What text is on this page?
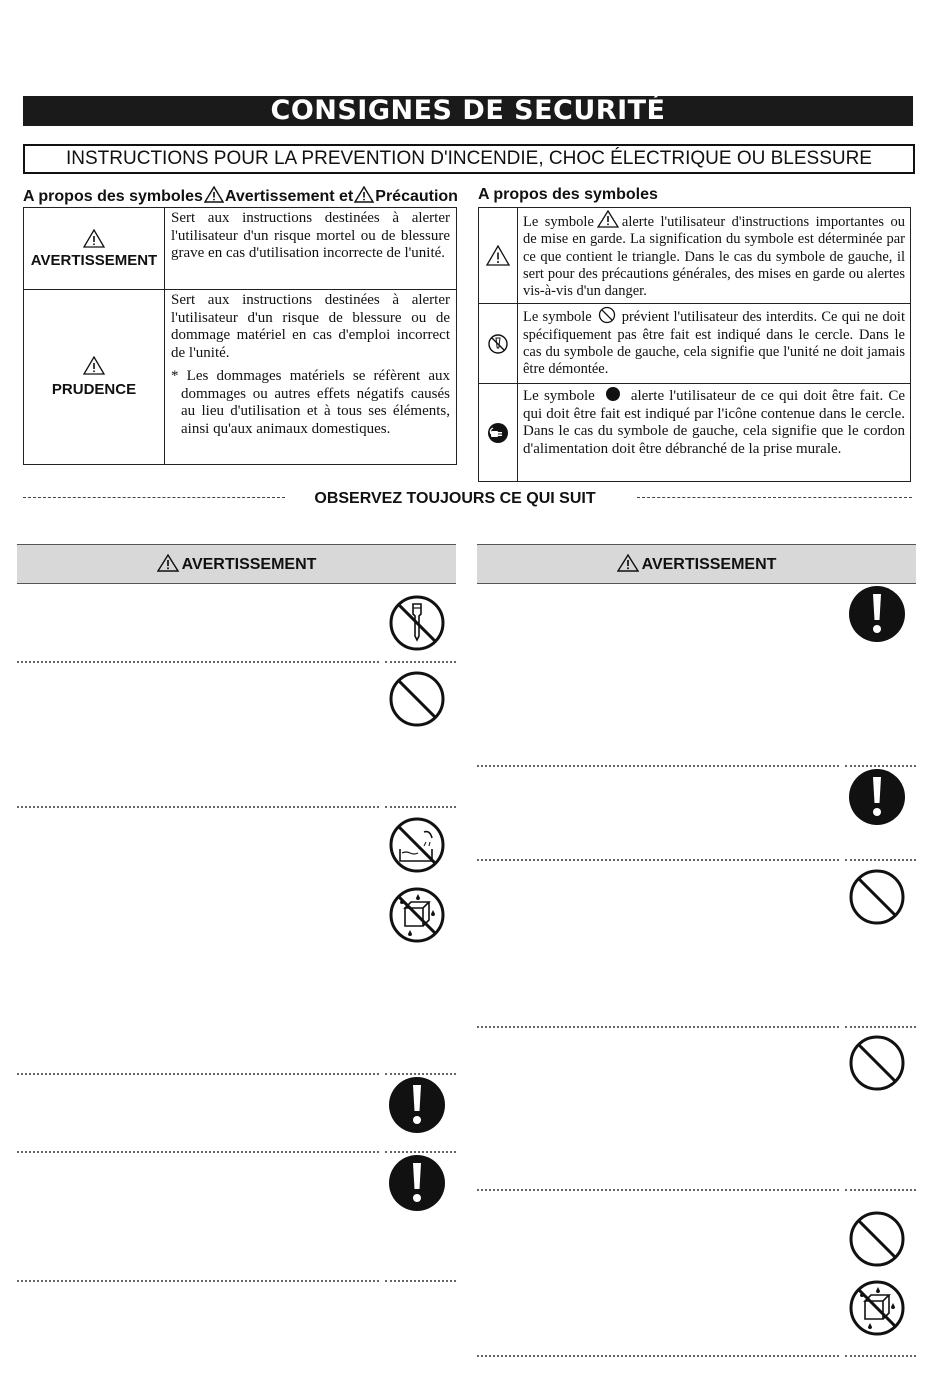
CONSIGNES DE SECURITÉ
INSTRUCTIONS POUR LA PREVENTION D'INCENDIE, CHOC ÉLECTRIQUE OU BLESSURE
A propos des symboles Avertissement et Précaution
AVERTISSEMENT	Sert aux instructions destinées à alerter l'utilisateur d'un risque mortel ou de blessure grave en cas d'utilisation incorrecte de l'unité.

PRUDENCE	Sert aux instructions destinées à alerter l'utilisateur d'un risque de blessure ou de dommage matériel en cas d'emploi incorrect de l'unité.
* Les dommages matériels se réfèrent aux dommages ou autres effets négatifs causés au lieu d'utilisation et à tous ses éléments, ainsi qu'aux animaux domestiques.
A propos des symboles
	Le symbole alerte l'utilisateur d'instructions importantes ou de mise en garde. La signification du symbole est déterminée par ce que contient le triangle. Dans le cas du symbole de gauche, il sert pour des précautions générales, des mises en garde ou alertes vis-à-vis d'un danger.

	Le symbole prévient l'utilisateur des interdits. Ce qui ne doit spécifiquement pas être fait est indiqué dans le cercle. Dans le cas du symbole de gauche, cela signifie que l'unité ne doit jamais être démontée.

	Le symbole alerte l'utilisateur de ce qui doit être fait. Ce qui doit être fait est indiqué par l'icône contenue dans le cercle. Dans le cas du symbole de gauche, cela signifie que le cordon d'alimentation doit être débranché de la prise murale.
OBSERVEZ TOUJOURS CE QUI SUIT
AVERTISSEMENT	AVERTISSEMENT
